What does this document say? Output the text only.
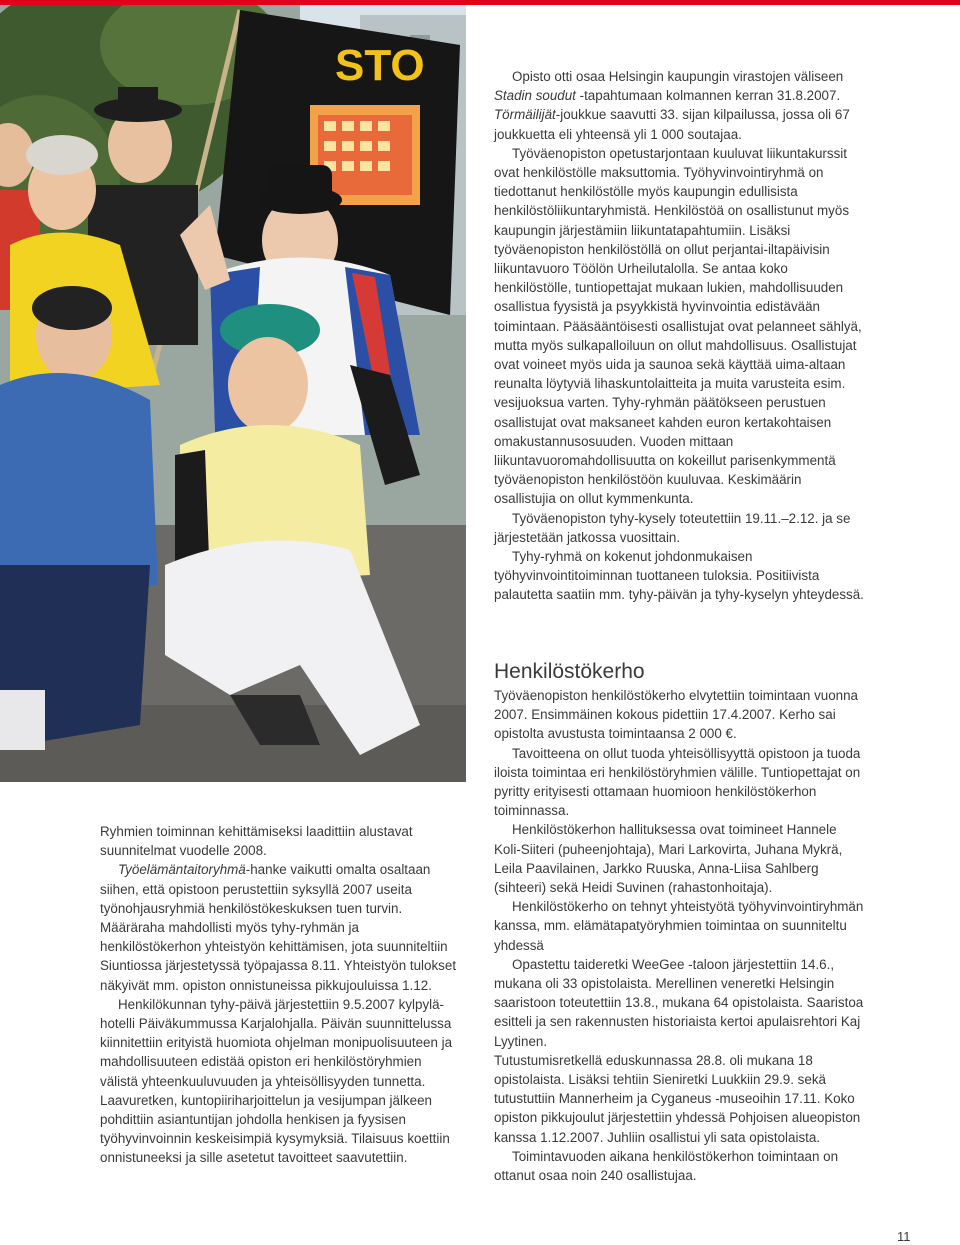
STO

Ryhmien toiminnan kehittämiseksi laadittiin alustavat suunnitelmat vuodelle 2008.

Työelämäntaitoryhmä-hanke vaikutti omalta osaltaan siihen, että opistoon perustettiin syksyllä 2007 useita työnohjausryhmiä henkilöstökeskuksen tuen turvin. Määräraha mahdollisti myös tyhy-ryhmän ja henkilöstökerhon yhteistyön kehittämisen, jota suunniteltiin Siuntiossa järjestetyssä työpajassa 8.11. Yhteistyön tulokset näkyivät mm. opiston onnistuneissa pikkujouluissa 1.12.

Henkilökunnan tyhy-päivä järjestettiin 9.5.2007 kylpylä-hotelli Päiväkummussa Karjalohjalla. Päivän suunnittelussa kiinnitettiin erityistä huomiota ohjelman monipuolisuuteen ja mahdollisuuteen edistää opiston eri henkilöstöryhmien välistä yhteenkuuluvuuden ja yhteisöllisyyden tunnetta. Laavuretken, kuntopiiriharjoittelun ja vesijumpan jälkeen pohdittiin asiantuntijan johdolla henkisen ja fyysisen työhyvinvoinnin keskeisimpiä kysymyksiä. Tilaisuus koettiin onnistuneeksi ja sille asetetut tavoitteet saavutettiin.

Opisto otti osaa Helsingin kaupungin virastojen väliseen Stadin soudut -tapahtumaan kolmannen kerran 31.8.2007. Törmäilijät-joukkue saavutti 33. sijan kilpailussa, jossa oli 67 joukkuetta eli yhteensä yli 1 000 soutajaa.

Työväenopiston opetustarjontaan kuuluvat liikuntakurssit ovat henkilöstölle maksuttomia. Työhyvinvointiryhmä on tiedottanut henkilöstölle myös kaupungin edullisista henkilöstöliikuntaryhmistä. Henkilöstöä on osallistunut myös kaupungin järjestämiin liikuntatapahtumiin. Lisäksi työväenopiston henkilöstöllä on ollut perjantai-iltapäivisin liikuntavuoro Töölön Urheilutalolla. Se antaa koko henkilöstölle, tuntiopettajat mukaan lukien, mahdollisuuden osallistua fyysistä ja psyykkistä hyvinvointia edistävään toimintaan. Pääsääntöisesti osallistujat ovat pelanneet sählyä, mutta myös sulkapalloiluun on ollut mahdollisuus. Osallistujat ovat voineet myös uida ja saunoa sekä käyttää uima-altaan reunalta löytyviä lihaskuntolaitteita ja muita varusteita esim. vesijuoksua varten. Tyhy-ryhmän päätökseen perustuen osallistujat ovat maksaneet kahden euron kertakohtaisen omakustannusosuuden. Vuoden mittaan liikuntavuoromahdollisuutta on kokeillut parisenkymmentä työväenopiston henkilöstöön kuuluvaa. Keskimäärin osallistujia on ollut kymmenkunta.

Työväenopiston tyhy-kysely toteutettiin 19.11.–2.12. ja se järjestetään jatkossa vuosittain.

Tyhy-ryhmä on kokenut johdonmukaisen työhyvinvointitoiminnan tuottaneen tuloksia. Positiivista palautetta saatiin mm. tyhy-päivän ja tyhy-kyselyn yhteydessä.

Henkilöstökerho

Työväenopiston henkilöstökerho elvytettiin toimintaan vuonna 2007. Ensimmäinen kokous pidettiin 17.4.2007. Kerho sai opistolta avustusta toimintaansa 2 000 €.

Tavoitteena on ollut tuoda yhteisöllisyyttä opistoon ja tuoda iloista toimintaa eri henkilöstöryhmien välille. Tuntiopettajat on pyritty erityisesti ottamaan huomioon henkilöstökerhon toiminnassa.

Henkilöstökerhon hallituksessa ovat toimineet Hannele Koli-Siiteri (puheenjohtaja), Mari Larkovirta, Juhana Mykrä, Leila Paavilainen, Jarkko Ruuska, Anna-Liisa Sahlberg (sihteeri) sekä Heidi Suvinen (rahastonhoitaja).

Henkilöstökerho on tehnyt yhteistyötä työhyvinvointiryhmän kanssa, mm. elämätapatyöryhmien toimintaa on suunniteltu yhdessä

Opastettu taideretki WeeGee -taloon järjestettiin 14.6., mukana oli 33 opistolaista. Merellinen veneretki Helsingin saaristoon toteutettiin 13.8., mukana 64 opistolaista. Saaristoa esitteli ja sen rakennusten historiaista kertoi apulaisrehtori Kaj Lyytinen.

Tutustumisretkellä eduskunnassa 28.8. oli mukana 18 opistolaista. Lisäksi tehtiin Sieniretki Luukkiin 29.9. sekä tutustuttiin Mannerheim ja Cyganeus -museoihin 17.11. Koko opiston pikkujoulut järjestettiin yhdessä Pohjoisen alueopiston kanssa 1.12.2007. Juhliin osallistui yli sata opistolaista.

Toimintavuoden aikana henkilöstökerhon toimintaan on ottanut osaa noin 240 osallistujaa.

11
